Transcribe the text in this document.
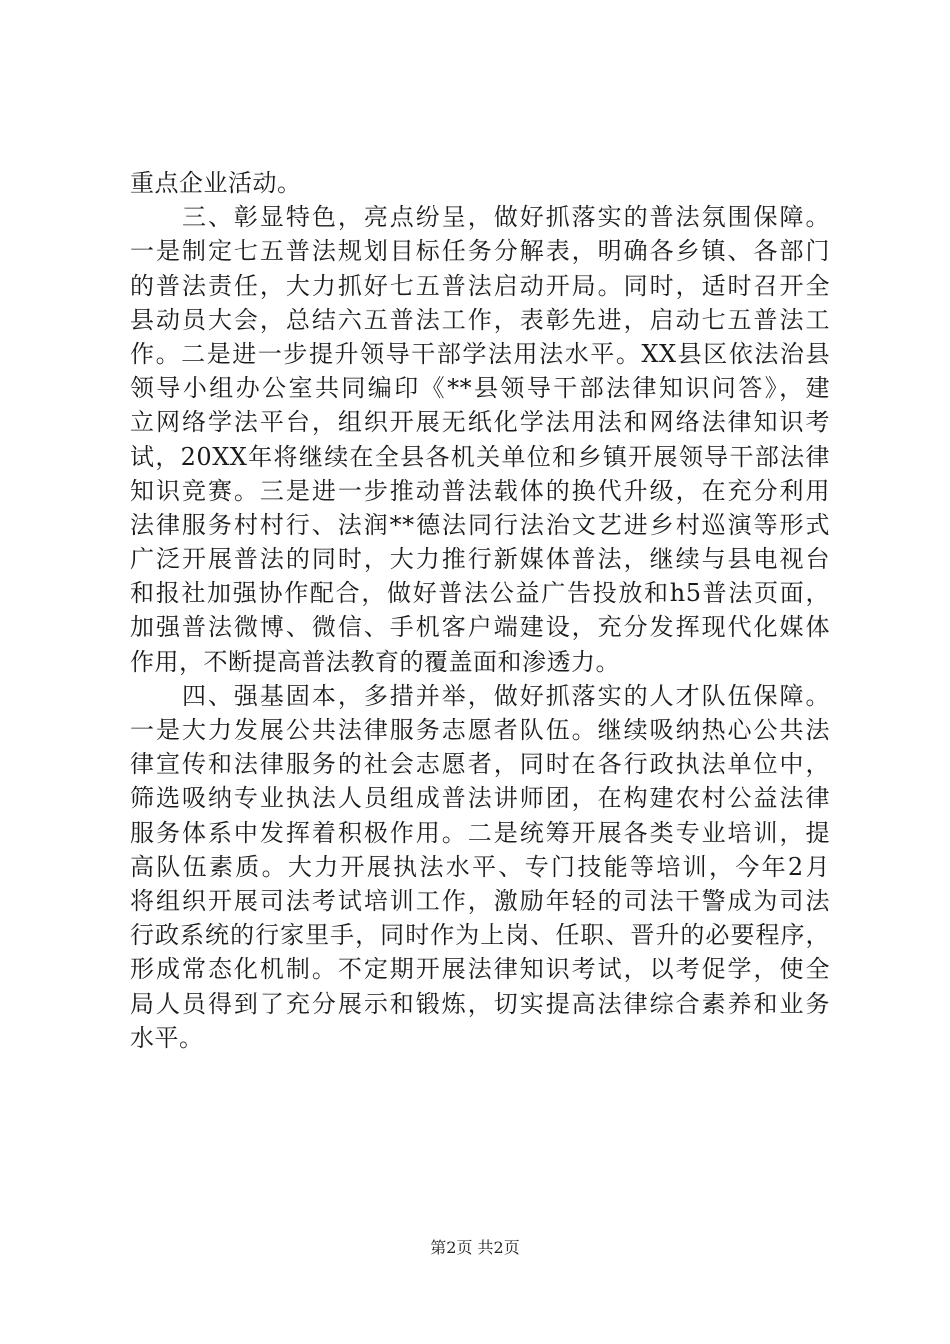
重点企业活动。
　　三、彰显特色，亮点纷呈，做好抓落实的普法氛围保障。
一是制定七五普法规划目标任务分解表，明确各乡镇、各部门
的普法责任，大力抓好七五普法启动开局。同时，适时召开全
县动员大会，总结六五普法工作，表彰先进，启动七五普法工
作。二是进一步提升领导干部学法用法水平。XX县区依法治县
领导小组办公室共同编印《**县领导干部法律知识问答》，建
立网络学法平台，组织开展无纸化学法用法和网络法律知识考
试，20XX年将继续在全县各机关单位和乡镇开展领导干部法律
知识竞赛。三是进一步推动普法载体的换代升级，在充分利用
法律服务村村行、法润**德法同行法治文艺进乡村巡演等形式
广泛开展普法的同时，大力推行新媒体普法，继续与县电视台
和报社加强协作配合，做好普法公益广告投放和h5普法页面，
加强普法微博、微信、手机客户端建设，充分发挥现代化媒体
作用，不断提高普法教育的覆盖面和渗透力。
　　四、强基固本，多措并举，做好抓落实的人才队伍保障。
一是大力发展公共法律服务志愿者队伍。继续吸纳热心公共法
律宣传和法律服务的社会志愿者，同时在各行政执法单位中，
筛选吸纳专业执法人员组成普法讲师团，在构建农村公益法律
服务体系中发挥着积极作用。二是统筹开展各类专业培训，提
高队伍素质。大力开展执法水平、专门技能等培训，今年2月
将组织开展司法考试培训工作，激励年轻的司法干警成为司法
行政系统的行家里手，同时作为上岗、任职、晋升的必要程序，
形成常态化机制。不定期开展法律知识考试，以考促学，使全
局人员得到了充分展示和锻炼，切实提高法律综合素养和业务
水平。
第2页 共2页
